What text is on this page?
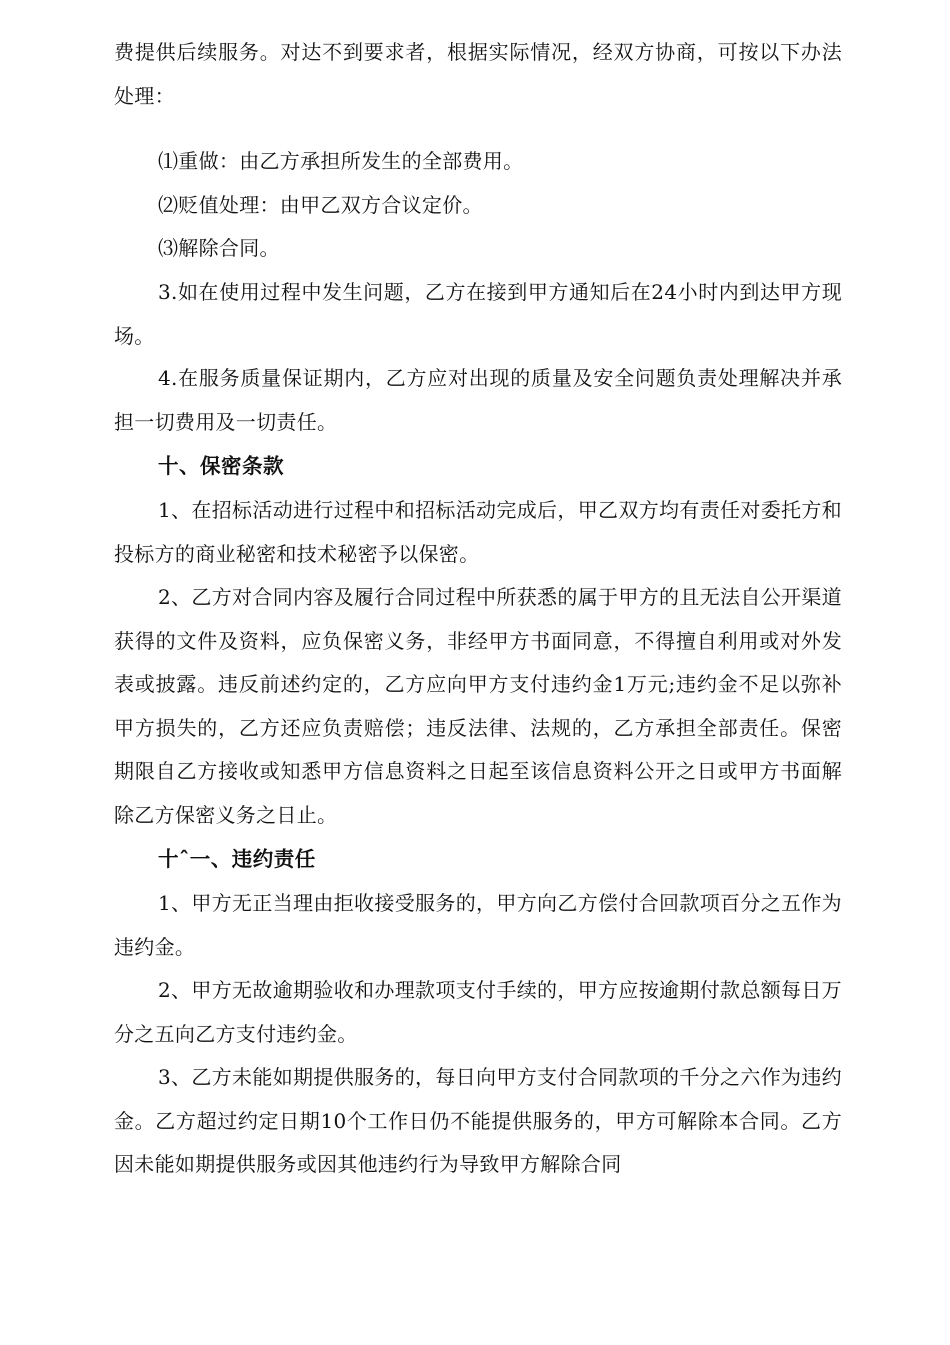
费提供后续服务。对达不到要求者，根据实际情况，经双方协商，可按以下办法处理：

⑴重做：由乙方承担所发生的全部费用。

⑵贬值处理：由甲乙双方合议定价。

⑶解除合同。

3.如在使用过程中发生问题，乙方在接到甲方通知后在24小时内到达甲方现场。

4.在服务质量保证期内，乙方应对出现的质量及安全问题负责处理解决并承担一切费用及一切责任。

十、保密条款

1、在招标活动进行过程中和招标活动完成后，甲乙双方均有责任对委托方和投标方的商业秘密和技术秘密予以保密。

2、乙方对合同内容及履行合同过程中所获悉的属于甲方的且无法自公开渠道获得的文件及资料，应负保密义务，非经甲方书面同意，不得擅自利用或对外发表或披露。违反前述约定的，乙方应向甲方支付违约金1万元;违约金不足以弥补甲方损失的，乙方还应负责赔偿；违反法律、法规的，乙方承担全部责任。保密期限自乙方接收或知悉甲方信息资料之日起至该信息资料公开之日或甲方书面解除乙方保密义务之日止。

十ˆ一、违约责任

1、甲方无正当理由拒收接受服务的，甲方向乙方偿付合回款项百分之五作为违约金。

2、甲方无故逾期验收和办理款项支付手续的，甲方应按逾期付款总额每日万分之五向乙方支付违约金。

3、乙方未能如期提供服务的，每日向甲方支付合同款项的千分之六作为违约金。乙方超过约定日期10个工作日仍不能提供服务的，甲方可解除本合同。乙方因未能如期提供服务或因其他违约行为导致甲方解除合同
